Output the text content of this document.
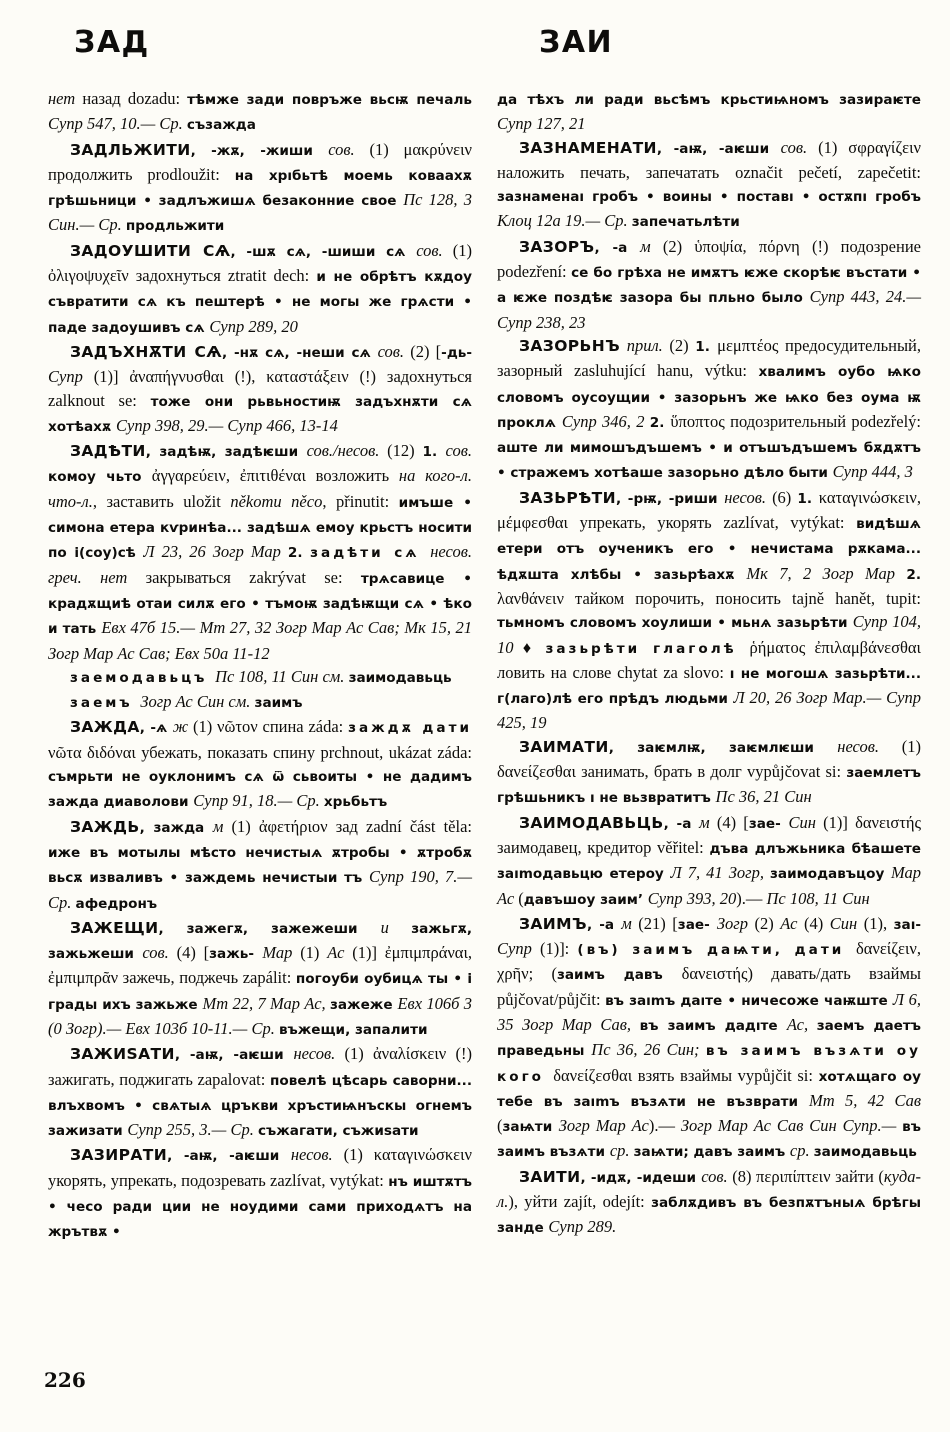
ЗАД

нет назад dozadu: тѣмже зади повръже вьсѭ печаль Супр 547, 10.— Ср. съзажда

ЗАДЛЬЖИТИ, -жѫ, -жиши сов. (1) μακρύνειν продолжить prodloužit: на хрıбьтѣ моемь коваахѫ грѣшьници • задлъжишѧ безаконние свое Пс 128, 3 Син.— Ср. продльжити

ЗАДОУШИТИ СѦ, -шѫ сѧ, -шиши сѧ сов. (1) ὀλιγοψυχεῖν задохнуться ztratit dech: и не обрѣтъ кѫдоу съвратити сѧ къ пештерѣ • не могы же грѧсти • паде задоушивъ сѧ Супр 289, 20

ЗАДЪХНѪТИ СѦ, -нѫ сѧ, -неши сѧ сов. (2) [-дь- Супр (1)] ἀναπήγνυσθαι (!), καταστάξειν (!) задохнуться zalknout se: тоже они рьвьностиѭ задъхнѫти сѧ хотѣахѫ Супр 398, 29.— Супр 466, 13-14

ЗАДѢТИ, задѣѭ, задѣѥши сов./несов. (12) 1. сов. комоу чьто ἀγγαρεύειν, ἐπιτιθέναι возложить на кого-л. что-л., заставить uložit někomu něco, přinutit: имъше • симона етера кѵринѣа... задѣшѧ емоу крьстъ носити по і(соу)сѣ Л 23, 26 Зогр Мар 2. задѣти сѧ несов. греч. нет закрываться zakrývat se: трѧсавице • крадѫщиѣ отаи силѫ его • тъмоѭ задѣѭщи сѧ • ѣко и тать Евх 47б 15.— Мт 27, 32 Зогр Мар Ас Сав; Мк 15, 21 Зогр Мар Ас Сав; Евх 50а 11-12

заемодавьцъ Пс 108, 11 Син см. заимодавьць

заемъ Зогр Ас Син см. заимъ

ЗАЖДА, -ѧ ж (1) νῶτον спина záda: заждѫ дати νῶτα διδόναι убежать, показать спину prchnout, ukázat záda: съмрьти не оуклонимъ сѧ ѿ сьвоиты • не дадимъ зажда диаволови Супр 91, 18.— Ср. хрьбьтъ

ЗАЖДЬ, зажда м (1) ἀφετήριον зад zadní část těla: иже въ мотылы мѣсто нечистыѧ ѫтробы • ѫтробѫ вьсѫ изваливъ • заждемь нечистыи тъ Супр 190, 7.— Ср. афедронъ

ЗАЖЕЩИ, зажегѫ, зажежеши и зажьгѫ, зажьжеши сов. (4) [зажь- Мар (1) Ас (1)] ἐμπιμπράναι, ἐμπιμπρᾶν зажечь, поджечь zapálit: погоуби оубицѧ ты • і грады ихъ зажьже Мт 22, 7 Мар Ас, зажеже Евх 106б 3 (0 Зогр).— Евх 103б 10-11.— Ср. въжещи, запалити

ЗАЖИЅАТИ, -аѭ, -аѥши несов. (1) ἀναλίσκειν (!) зажигать, поджигать zapalovat: повелѣ цѣсарь саворни... влъхвомъ • свѧтыѧ цръкви хръстиѩнъскы огнемъ зажизати Супр 255, 3.— Ср. съжагати, съжиѕати

ЗАЗИРАТИ, -аѭ, -аѥши несов. (1) καταγινώσκειν укорять, упрекать, подозревать zazlívat, vytýkat: нъ иштѫтъ • чесо ради ции не ноудими сами приходѧтъ на жрътвѫ •

ЗАИ

да тѣхъ ли ради вьсѣмъ крьстиѩномъ зазираѥте Супр 127, 21

ЗАЗНАМЕНАТИ, -аѭ, -аѥши сов. (1) σφραγίζειν наложить печать, запечатать označit pečetí, zapečetit: зазнаменаı гробъ • воины • поставı • остѫпı гробъ Клоц 12а 19.— Ср. запечатьлѣти

ЗАЗОРЪ, -а м (2) ὑποψία, πόρνη (!) подозрение podezření: се бо грѣха не имѫтъ ѥже скорѣѥ въстати • а ѥже поздѣѥ зазора бы пльно было Супр 443, 24.— Супр 238, 23

ЗАЗОРЬНЪ прил. (2) 1. μεμπτέος предосудительный, зазорный zasluhující hanu, výtku: хвалимъ оубо ѩко словомъ оусоущии • зазорьнъ же ѩко без оума ѭ проклѧ Супр 346, 2 2. ὕποπτος подозрительный podezřelý: аште ли мимошъдъшемъ • и отъшъдъшемъ бѫдѫтъ • стражемъ хотѣаше зазорьно дѣло быти Супр 444, 3

ЗАЗЬРѢТИ, -рѭ, -риши несов. (6) 1. καταγινώσκειν, μέμφεσθαι упрекать, укорять zazlívat, vytýkat: видѣшѧ етери отъ оученикъ его • нечистама рѫкама... ѣдѫшта хлѣбы • зазьрѣахѫ Мк 7, 2 Зогр Мар 2. λανθάνειν тайком порочить, поносить tajně hanět, tupit: тьмномъ словомъ хоулиши • мьнѧ зазьрѣти Супр 104, 10 ♦ зазьрѣти глаголѣ ῥήματος ἐπιλαμβάνεσθαι ловить на слове chytat za slovo: ı не могошѧ зазьрѣти... г(лаго)лѣ его прѣдъ людьми Л 20, 26 Зогр Мар.— Супр 425, 19

ЗАИМАТИ, заѥмлѭ, заѥмлѥши несов. (1) δανείζεσθαι занимать, брать в долг vypůjčovat si: заемлетъ грѣшьникъ ı не вьзвратитъ Пс 36, 21 Син

ЗАИМОДАВЬЦЬ, -а м (4) [зае- Син (1)] δανειστής заимодавец, кредитор věřitel: дъва длъжьника бѣашете заımодавьцю етероу Л 7, 41 Зогр, заимодавъцоу Мар Ас (давъшоу заим’ Супр 393, 20).— Пс 108, 11 Син

ЗАИМЪ, -а м (21) [зае- Зогр (2) Ас (4) Син (1), заı- Супр (1)]: (въ) заимъ даѩти, дати δανείζειν, χρῆν; (заимъ давъ δανειστής) давать/дать взаймы půjčovat/půjčit: въ заımъ даıте • ничесоже чаѭште Л 6, 35 Зогр Мар Сав, въ заимъ дадıте Ас, заемъ даетъ праведьны Пс 36, 26 Син; въ заимъ възѧти оу кого δανείζεσθαι взять взаймы vypůjčit si: хотѧщаго оу тебе въ заımъ възѧти не възврати Мт 5, 42 Сав (заѩти Зогр Мар Ас).— Зогр Мар Ас Сав Син Супр.— въ заимъ възѧти ср. заѩти; давъ заимъ ср. заимодавьць

ЗАИТИ, -идѫ, -идеши сов. (8) περιπίπτειν зайти (куда-л.), уйти zajít, odejít: заблѫдивъ въ безпѫтъныѧ брѣгы занде Супр 289.

226
